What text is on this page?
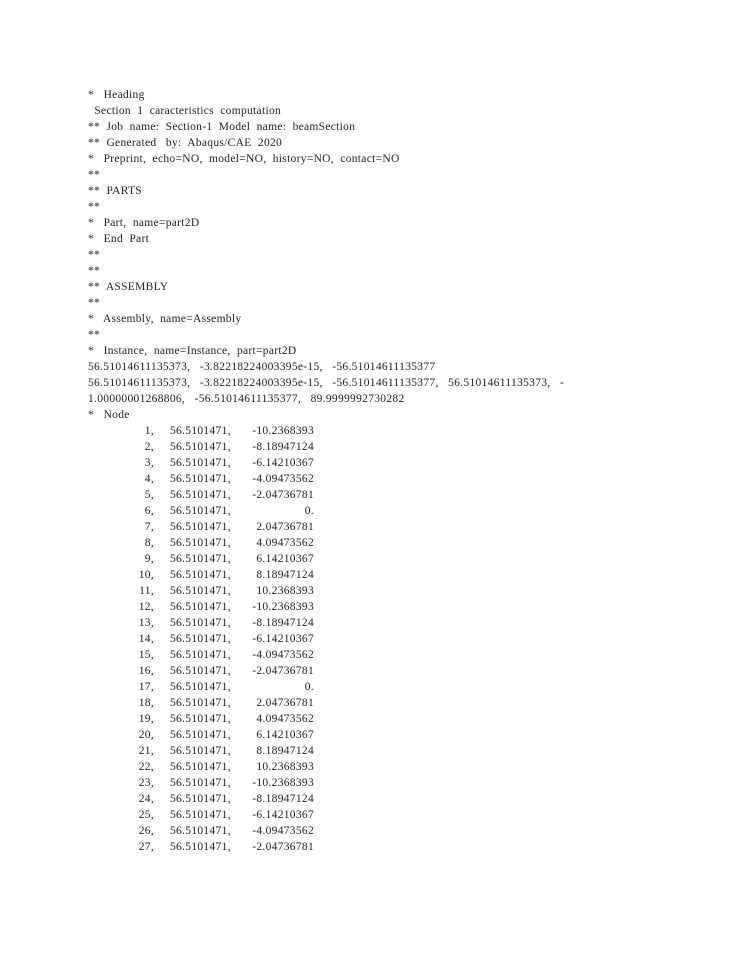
*   Heading
Section  1  caracteristics  computation
**  Job  name:  Section-1  Model  name:  beamSection
**  Generated   by:  Abaqus/CAE  2020
*   Preprint,  echo=NO,  model=NO,  history=NO,  contact=NO
**
**  PARTS
**
*   Part,  name=part2D
*   End  Part
**
**
**  ASSEMBLY
**
*   Assembly,  name=Assembly
**
*   Instance,  name=Instance,  part=part2D
56.51014611135373,   -3.82218224003395e-15,   -56.51014611135377
56.51014611135373,   -3.82218224003395e-15,   -56.51014611135377,   56.51014611135373,   -
1.00000001268806,   -56.51014611135377,   89.9999992730282
*   Node
1, 56.5101471,	-10.2368393
2, 56.5101471,	-8.18947124
3, 56.5101471,	-6.14210367
4, 56.5101471,	-4.09473562
5, 56.5101471,	-2.04736781
6, 56.5101471,	0.
7, 56.5101471,	2.04736781
8, 56.5101471,	4.09473562
9, 56.5101471,	6.14210367
10, 56.5101471,	8.18947124
11, 56.5101471,	10.2368393
12, 56.5101471,	-10.2368393
13, 56.5101471,	-8.18947124
14, 56.5101471,	-6.14210367
15, 56.5101471,	-4.09473562
16, 56.5101471,	-2.04736781
17, 56.5101471,	0.
18, 56.5101471,	2.04736781
19, 56.5101471,	4.09473562
20, 56.5101471,	6.14210367
21, 56.5101471,	8.18947124
22, 56.5101471,	10.2368393
23, 56.5101471,	-10.2368393
24, 56.5101471,	-8.18947124
25, 56.5101471,	-6.14210367
26, 56.5101471,	-4.09473562
27, 56.5101471,	-2.04736781
